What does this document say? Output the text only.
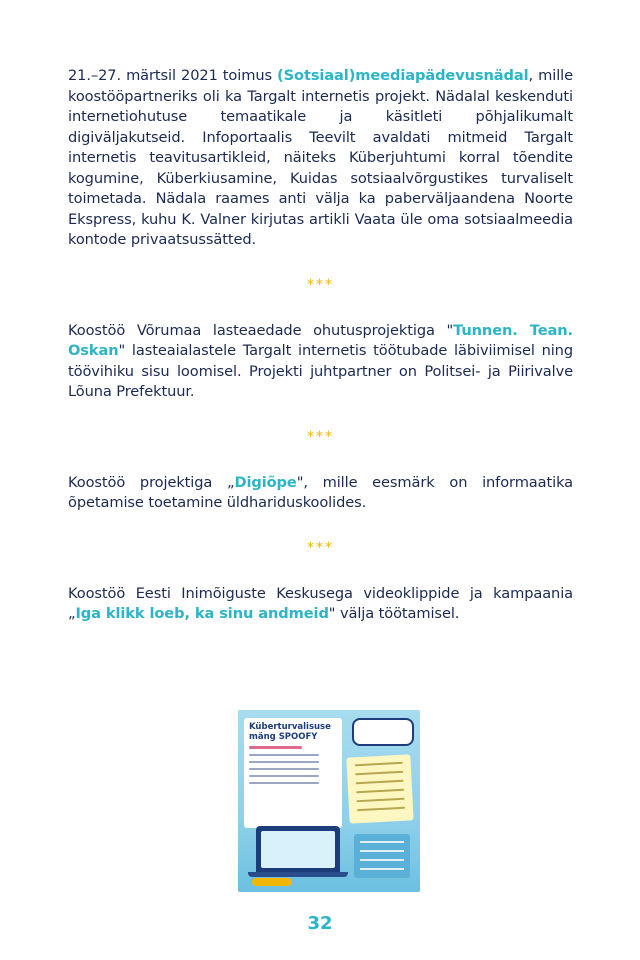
21.–27. märtsil 2021 toimus (Sotsiaal)meediapädevusnädal, mille koostööpartneriks oli ka Targalt internetis projekt. Nädalal keskenduti internetiohutuse temaatikale ja käsitleti põhjalikumalt digiväljakutseid. Infoportaalis Teevilt avaldati mitmeid Targalt internetis teavitusartikleid, näiteks Küberjuhtumi korral tõendite kogumine, Küberkiusamine, Kuidas sotsiaalvõrgustikes turvaliselt toimetada. Nädala raames anti välja ka paberväljaandena Noorte Ekspress, kuhu K. Valner kirjutas artikli Vaata üle oma sotsiaalmeedia kontode privaatsussätted.

***

Koostöö Võrumaa lasteaedade ohutusprojektiga "Tunnen. Tean. Oskan" lasteaialastele Targalt internetis töötubade läbiviimisel ning töövihiku sisu loomisel. Projekti juhtpartner on Politsei- ja Piirivalve Lõuna Prefektuur.

***

Koostöö projektiga „Digiõpe", mille eesmärk on informaatika õpetamise toetamine üldhariduskoolides.

***

Koostöö Eesti Inimõiguste Keskusega videoklippide ja kampaania „Iga klikk loeb, ka sinu andmeid" välja töötamisel.

Küberturvalisuse mäng SPOOFY
32
